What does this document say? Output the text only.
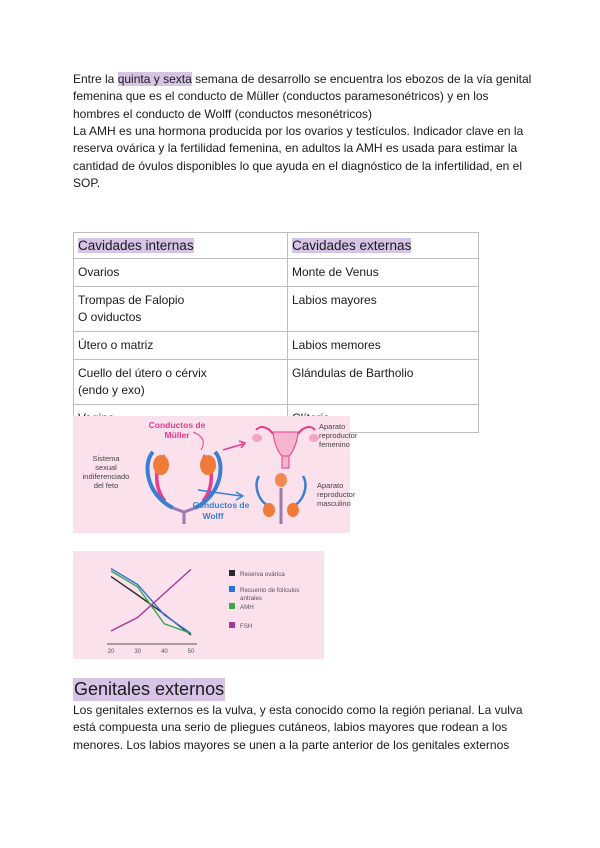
Entre la quinta y sexta semana de desarrollo se encuentra los ebozos de la vía genital femenina que es el conducto de Müller (conductos paramesonétricos) y en los hombres el conducto de Wolff (conductos mesonétricos)
La AMH es una hormona producida por los ovarios y testículos. Indicador clave en la reserva ovárica y la fertilidad femenina, en adultos la AMH es usada para estimar la cantidad de óvulos disponibles lo que ayuda en el diagnóstico de la infertilidad, en el SOP.
Cavidades internas	Cavidades externas
Ovarios	Monte de Venus
Trompas de Falopio
O oviductos	Labios mayores
Útero o matriz	Labios memores
Cuello del útero o cérvix
(endo y exo)	Glándulas de Bartholio

Sistema
sexual
indiferenciado
del feto
Conductos de
Müller
Conductos de
Wolff
Aparato
reproductor
femenino
Aparato
reproductor
masculino
20	30	40	50
Reserva ovárica
Recuento de folículos
antrales
AMH
FSH
Genitales externos
Los genitales externos es la vulva, y esta conocido como la región perianal. La vulva está compuesta una serio de pliegues cutáneos, labios mayores que rodean a los menores. Los labios mayores se unen a la parte anterior de los genitales externos
